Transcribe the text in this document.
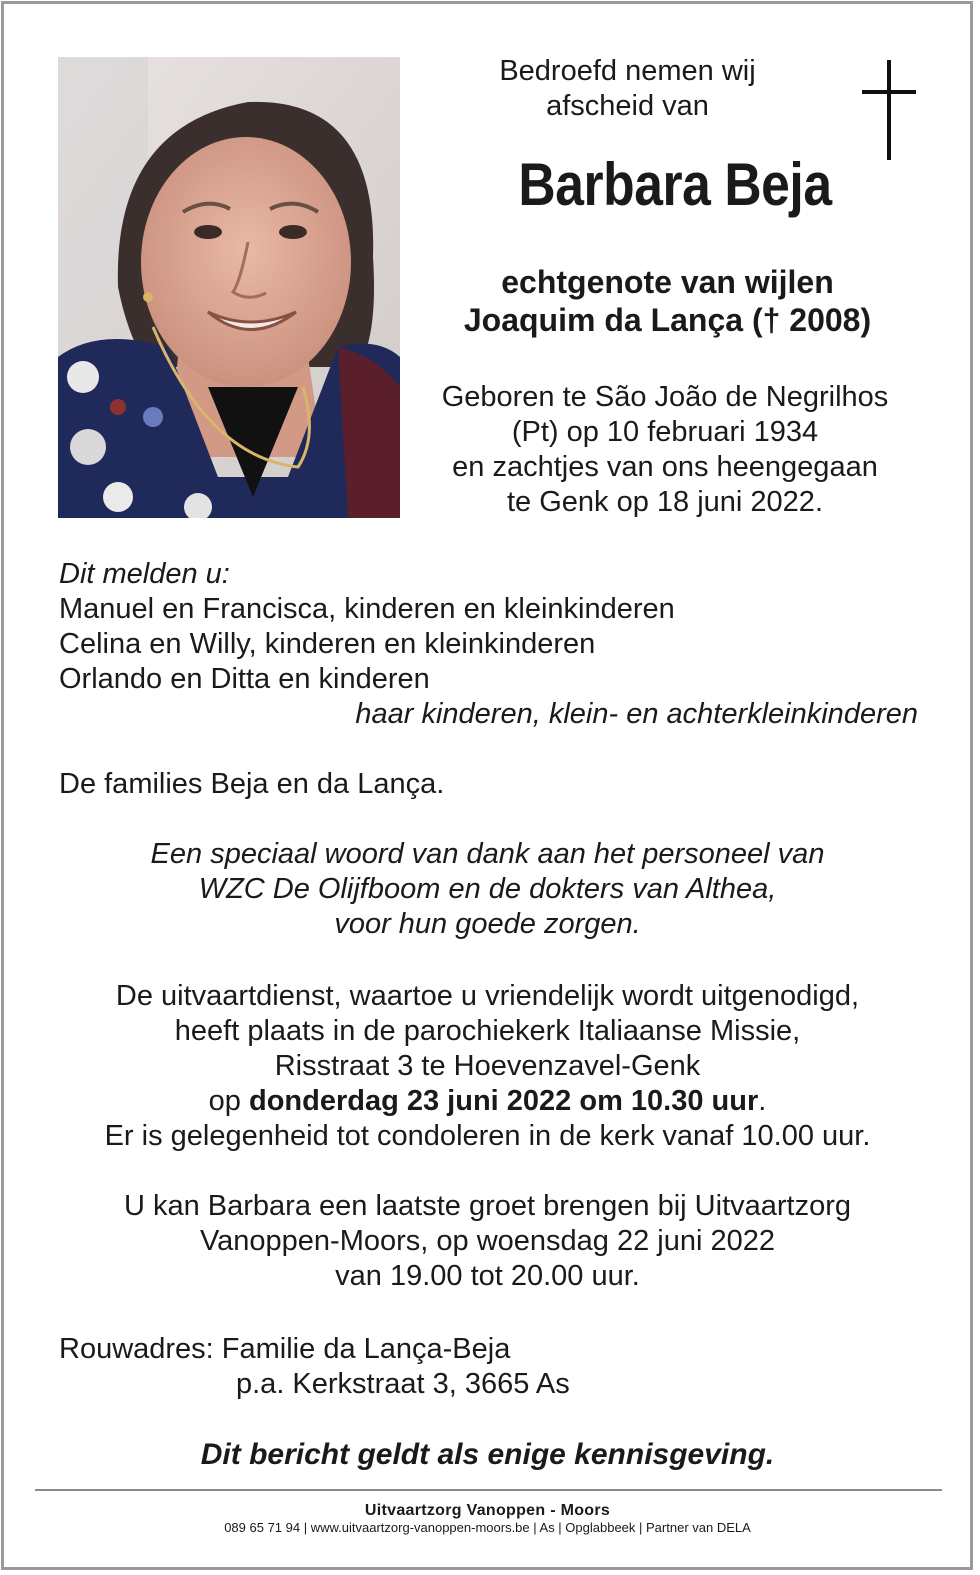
Bedroefd nemen wij
afscheid van
Barbara Beja
echtgenote van wijlen
Joaquim da Lança († 2008)
Geboren te São João de Negrilhos
(Pt) op 10 februari 1934
en zachtjes van ons heengegaan
te Genk op 18 juni 2022.
Dit melden u:
Manuel en Francisca, kinderen en kleinkinderen
Celina en Willy, kinderen en kleinkinderen
Orlando en Ditta en kinderen
haar kinderen, klein- en achterkleinkinderen
De families Beja en da Lança.
Een speciaal woord van dank aan het personeel van
WZC De Olijfboom en de dokters van Althea,
voor hun goede zorgen.
De uitvaartdienst, waartoe u vriendelijk wordt uitgenodigd,
heeft plaats in de parochiekerk Italiaanse Missie,
Risstraat 3 te Hoevenzavel-Genk
op donderdag 23 juni 2022 om 10.30 uur.
Er is gelegenheid tot condoleren in de kerk vanaf 10.00 uur.
U kan Barbara een laatste groet brengen bij Uitvaartzorg
Vanoppen-Moors, op woensdag 22 juni 2022
van 19.00 tot 20.00 uur.
Rouwadres: Familie da Lança-Beja
p.a. Kerkstraat 3, 3665 As
Dit bericht geldt als enige kennisgeving.
Uitvaartzorg Vanoppen - Moors
089 65 71 94 | www.uitvaartzorg-vanoppen-moors.be | As | Opglabbeek | Partner van DELA
